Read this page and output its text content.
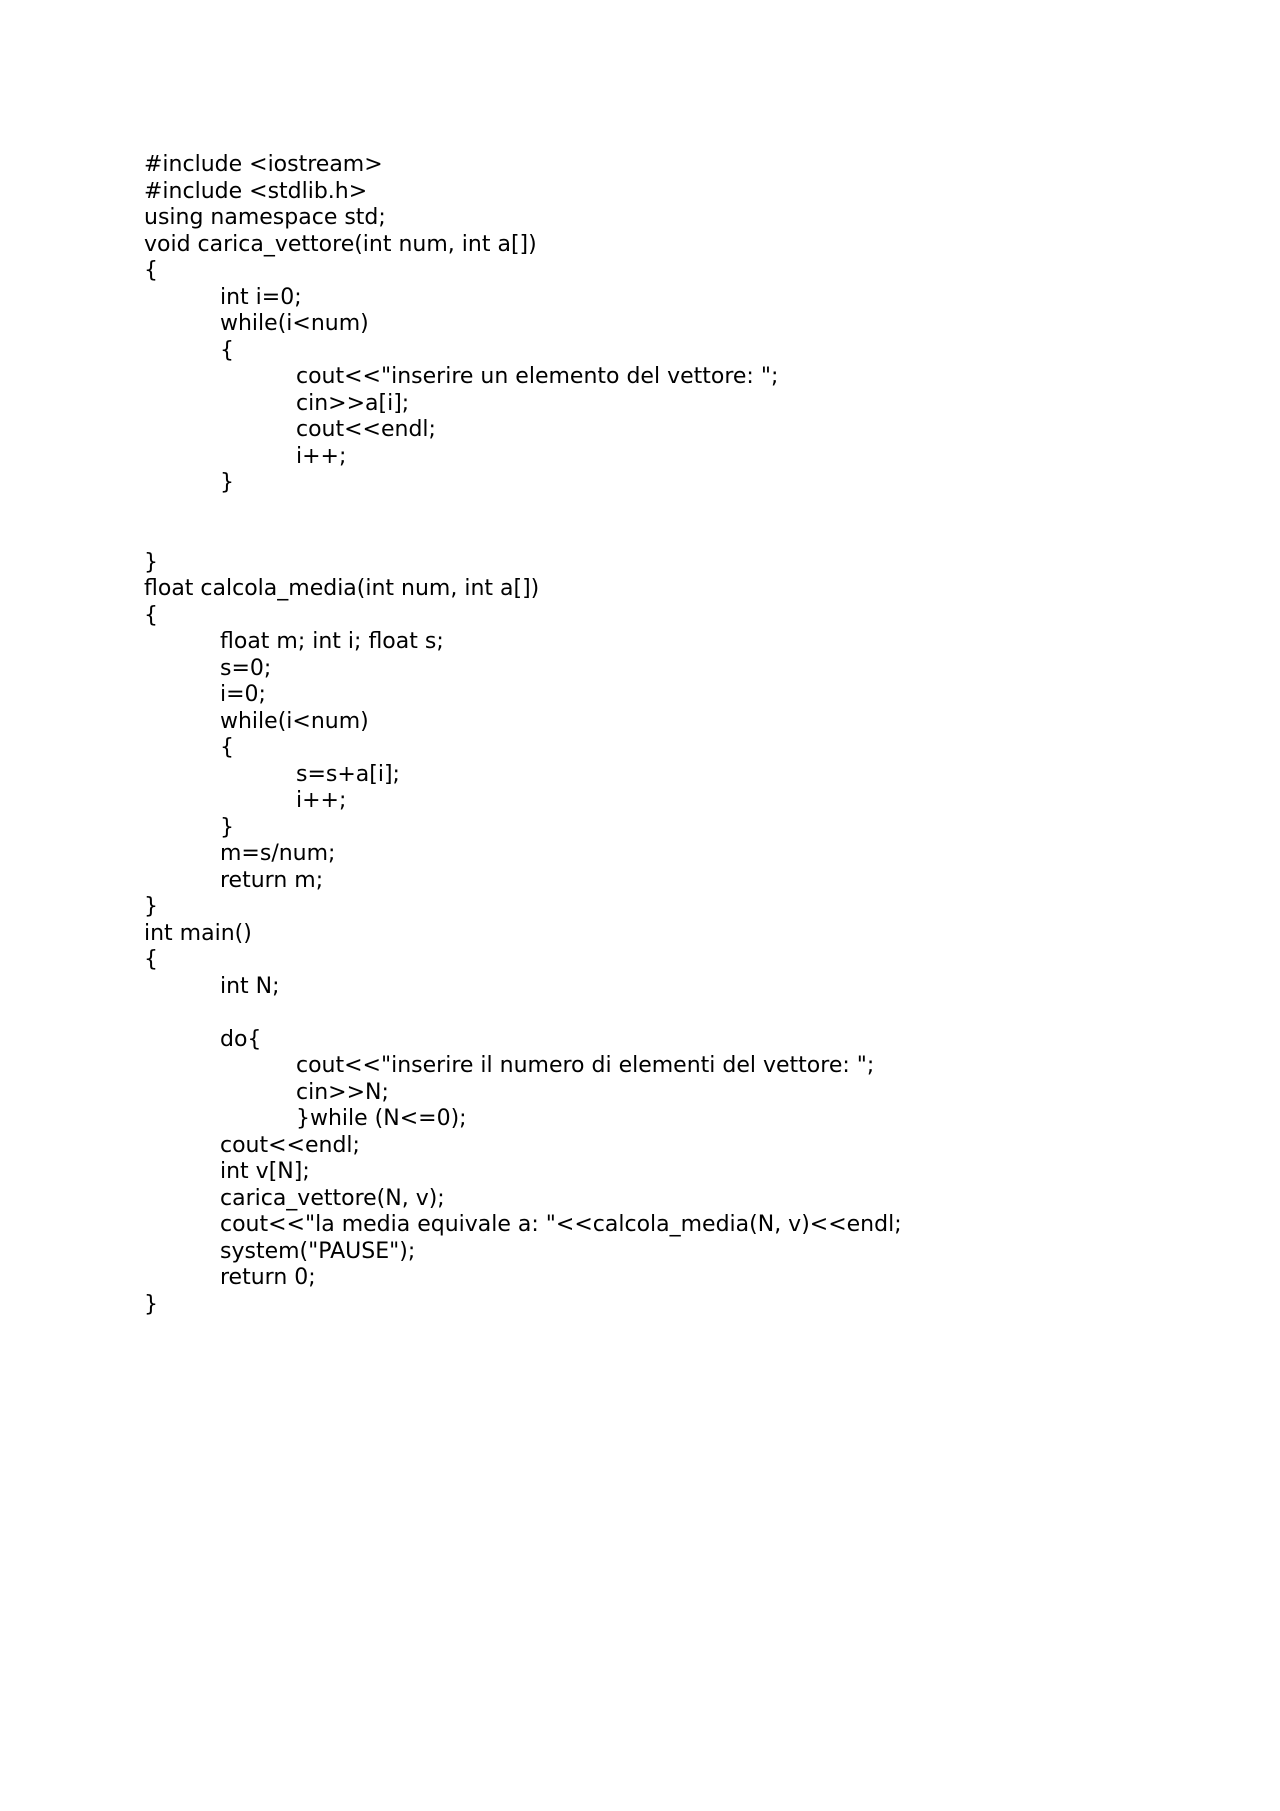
#include <iostream>
#include <stdlib.h>
using namespace std;
void carica_vettore(int num, int a[])
{
int i=0;
while(i<num)
{
cout<<"inserire un elemento del vettore: ";
cin>>a[i];
cout<<endl;
i++;
}
}
float calcola_media(int num, int a[])
{
float m; int i; float s;
s=0;
i=0;
while(i<num)
{
s=s+a[i];
i++;
}
m=s/num;
return m;
}
int main()
{
int N;
do{
cout<<"inserire il numero di elementi del vettore: ";
cin>>N;
}while (N<=0);
cout<<endl;
int v[N];
carica_vettore(N, v);
cout<<"la media equivale a: "<<calcola_media(N, v)<<endl;
system("PAUSE");
return 0;
}
